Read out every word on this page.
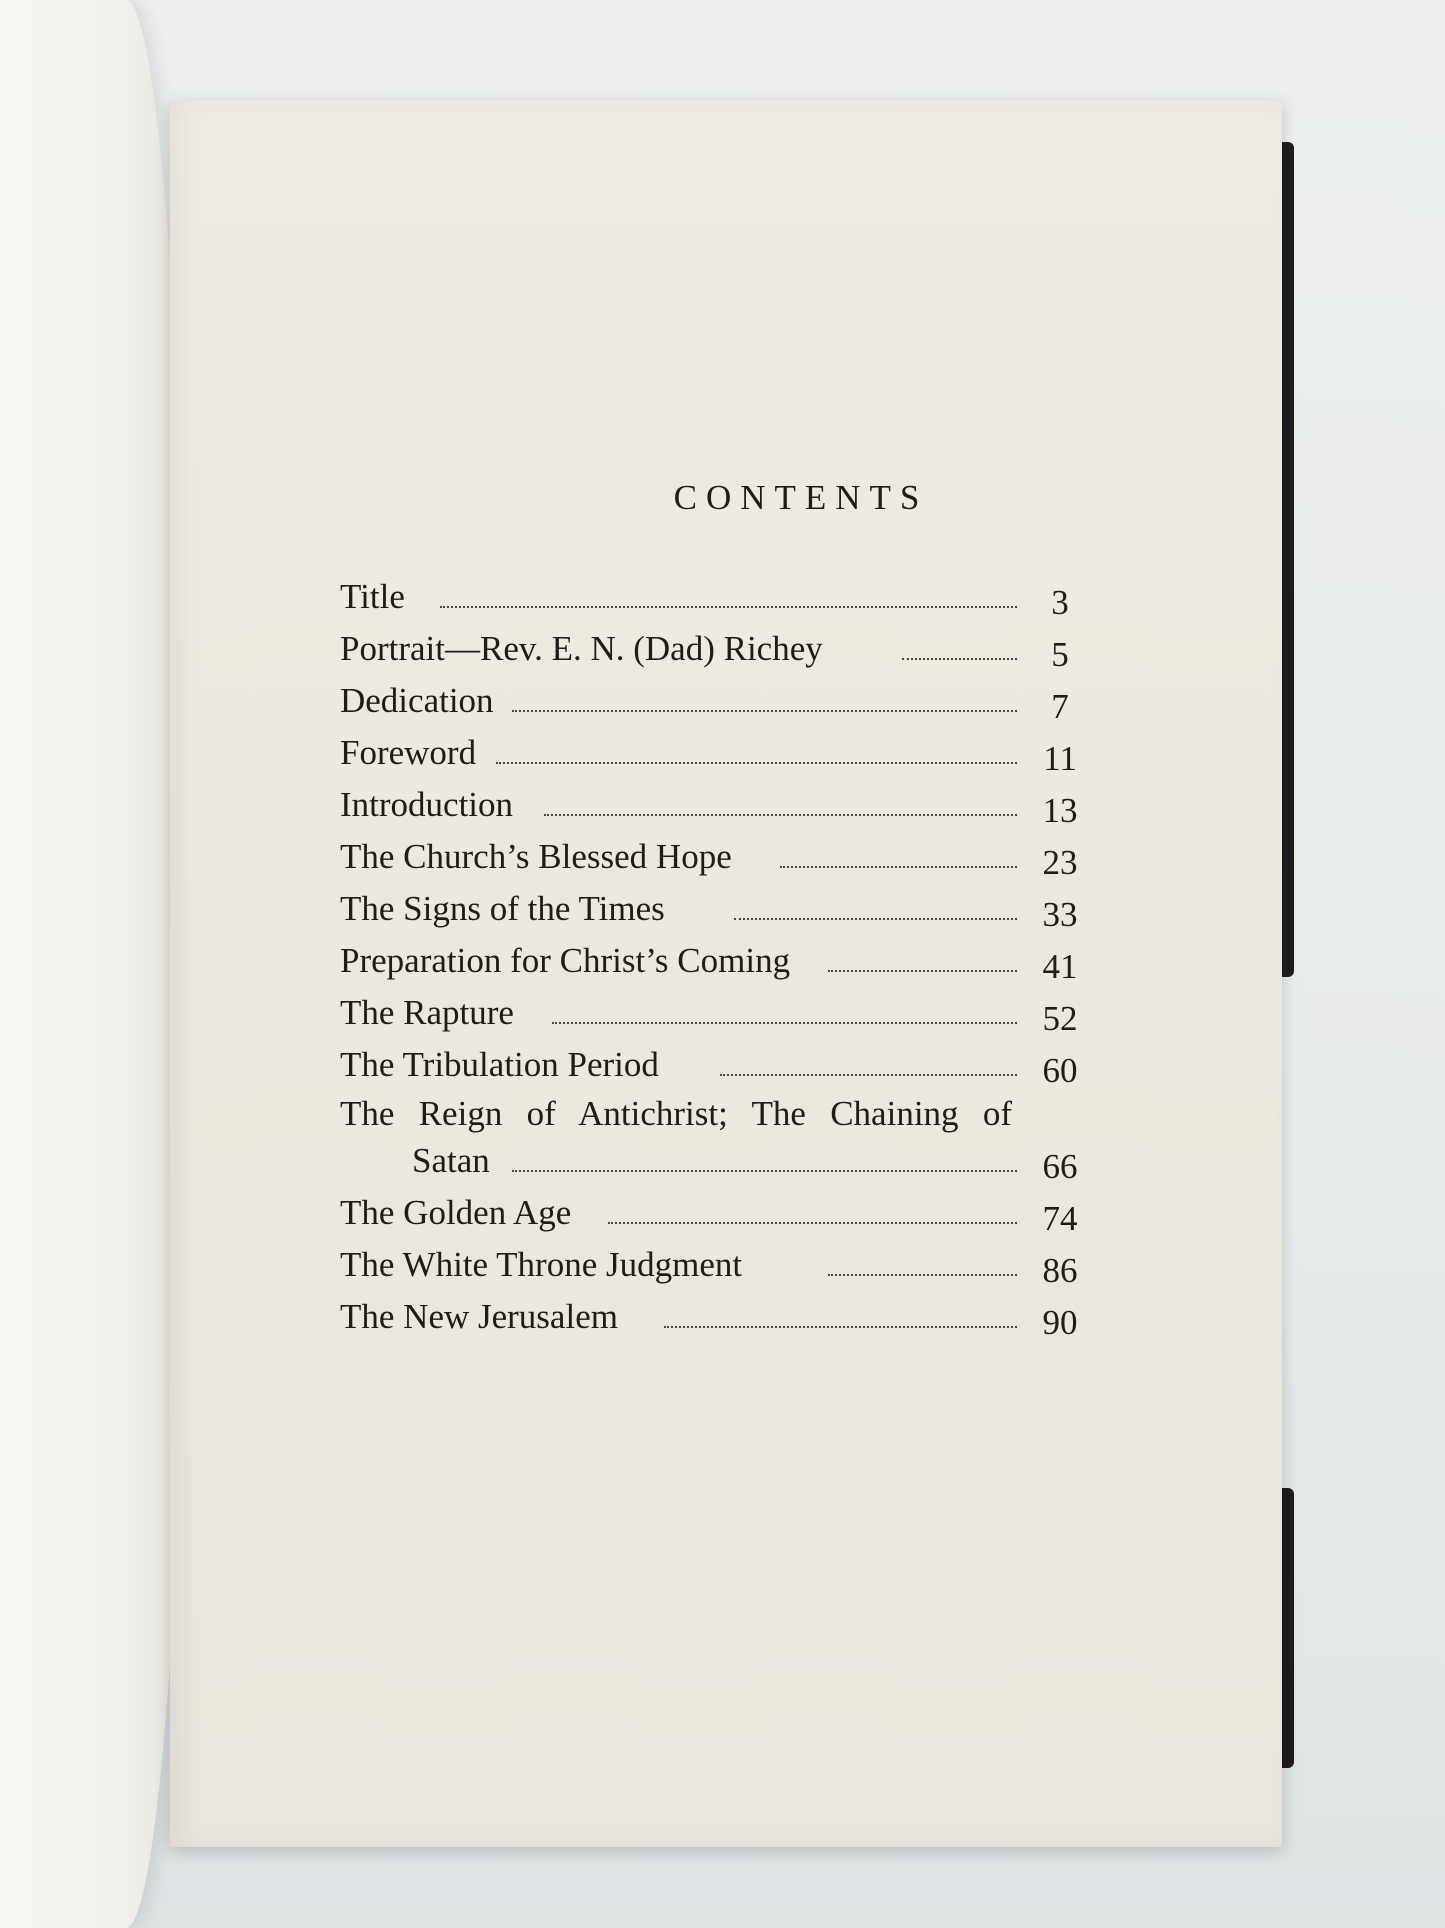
CONTENTS
Title	3
Portrait—Rev. E. N. (Dad) Richey	5
Dedication	7
Foreword	11
Introduction	13
The Church’s Blessed Hope	23
The Signs of the Times	33
Preparation for Christ’s Coming	41
The Rapture	52
The Tribulation Period	60
The Reign of Antichrist; The Chaining of
Satan	66
The Golden Age	74
The White Throne Judgment	86
The New Jerusalem	90
